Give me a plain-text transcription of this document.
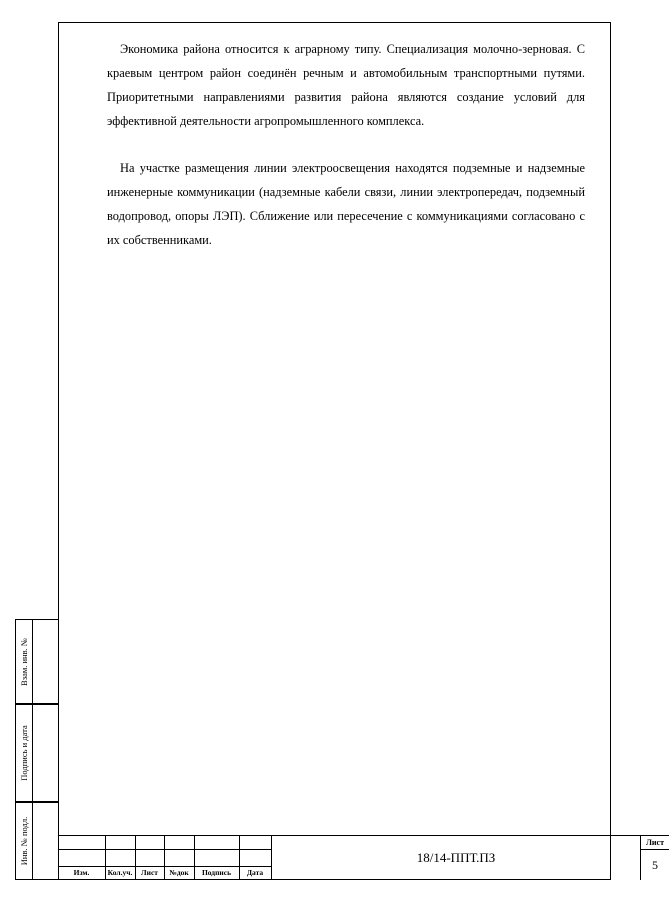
Экономика района относится к аграрному типу. Специализация молочно-зерновая. С краевым центром район соединён речным и автомобильным транспортными путями. Приоритетными направлениями развития района являются создание условий для эффективной деятельности агропромышленного комплекса.

На участке размещения линии электроосвещения находятся подземные и надземные инженерные коммуникации (надземные кабели связи, линии электропередач, подземный водопровод, опоры ЛЭП). Сближение или пересечение с коммуникациями согласовано с их собственниками.

Взам. инв. №
Подпись и дата
Инв. № подл.
Изм.	Кол.уч.	Лист	№док	Подпись	Дата
18/14-ППТ.ПЗ
Лист
5
